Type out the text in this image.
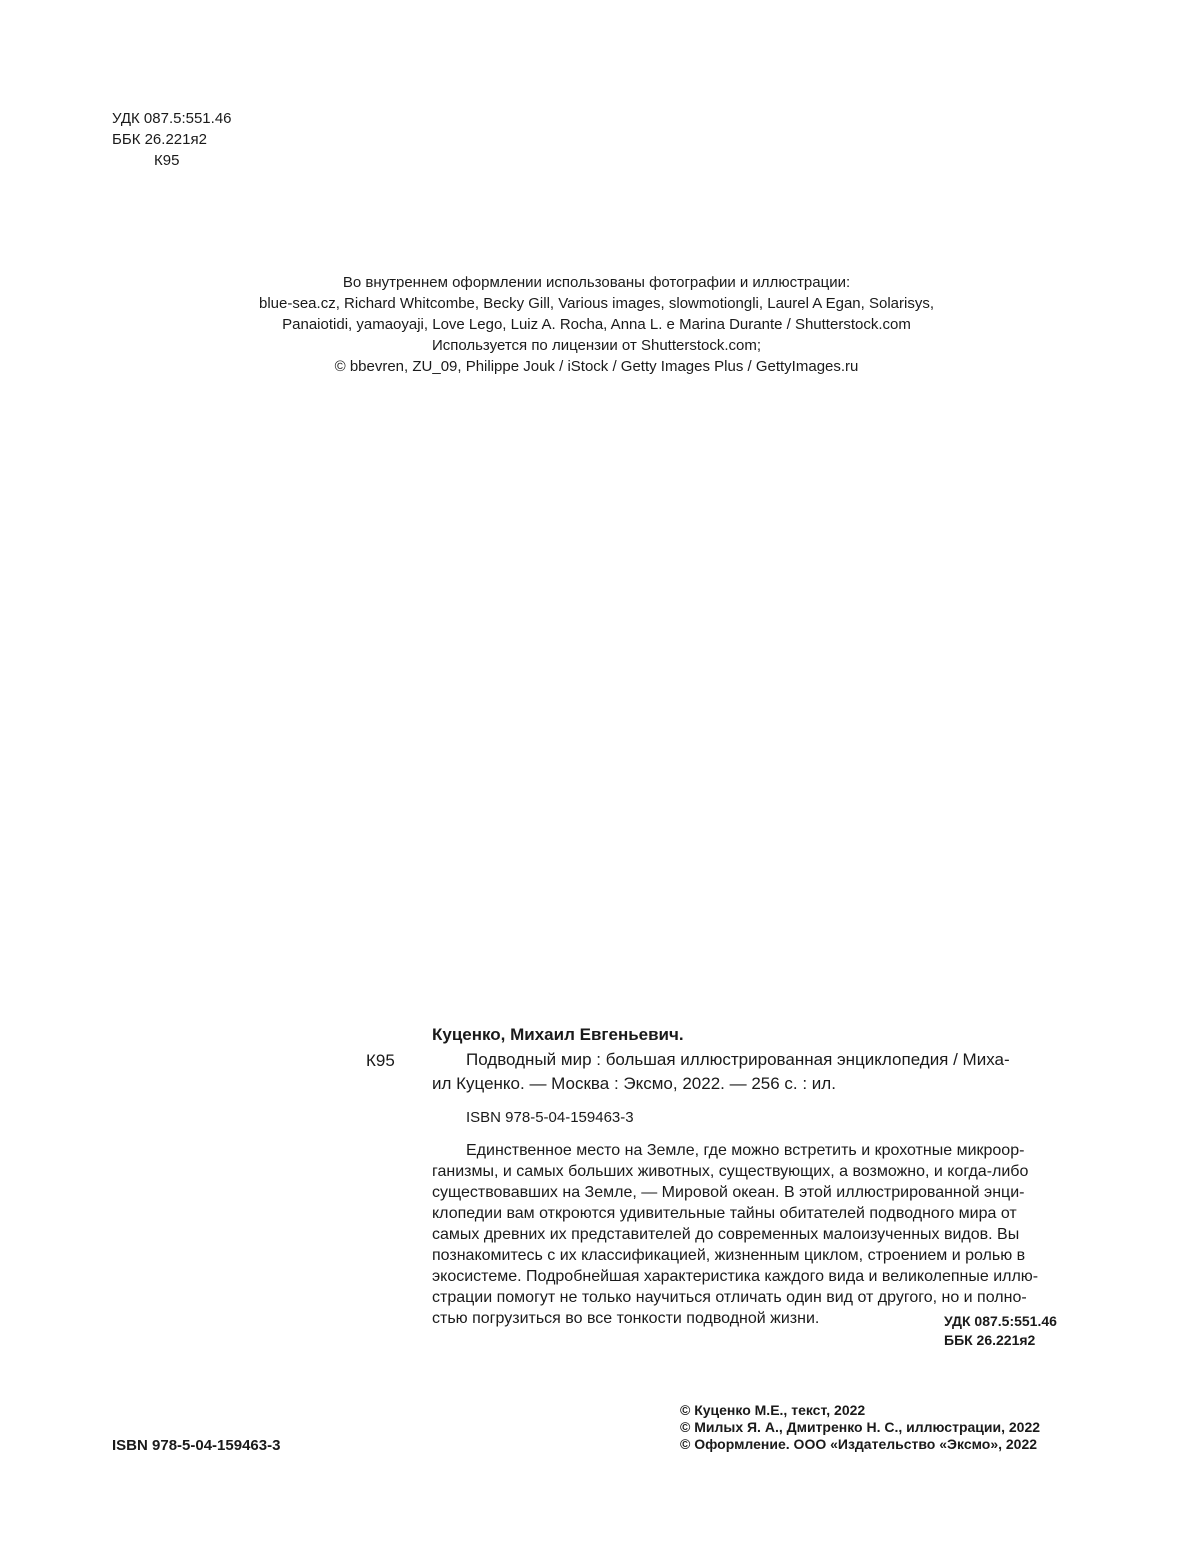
УДК 087.5:551.46
ББК 26.221я2
К95
Во внутреннем оформлении использованы фотографии и иллюстрации:
blue-sea.cz, Richard Whitcombe, Becky Gill, Various images, slowmotiongli, Laurel A Egan, Solarisys,
Panaiotidi, yamaoyaji, Love Lego, Luiz A. Rocha, Anna L. e Marina Durante / Shutterstock.com
Используется по лицензии от Shutterstock.com;
© bbevren, ZU_09, Philippe Jouk / iStock / Getty Images Plus / GettyImages.ru
К95
Куценко, Михаил Евгеньевич.
Подводный мир : большая иллюстрированная энциклопедия / Миха-
ил Куценко. — Москва : Эксмо, 2022. — 256 с. : ил.
ISBN 978-5-04-159463-3
Единственное место на Земле, где можно встретить и крохотные микроор-
ганизмы, и самых больших животных, существующих, а возможно, и когда-либо
существовавших на Земле, — Мировой океан. В этой иллюстрированной энци-
клопедии вам откроются удивительные тайны обитателей подводного мира от
самых древних их представителей до современных малоизученных видов. Вы
познакомитесь с их классификацией, жизненным циклом, строением и ролью в
экосистеме. Подробнейшая характеристика каждого вида и великолепные иллю-
страции помогут не только научиться отличать один вид от другого, но и полно-
стью погрузиться во все тонкости подводной жизни.	УДК 087.5:551.46
ББК 26.221я2
ISBN 978-5-04-159463-3
© Куценко М.Е., текст, 2022
© Милых Я. А., Дмитренко Н. С., иллюстрации, 2022
© Оформление. ООО «Издательство «Эксмо», 2022
